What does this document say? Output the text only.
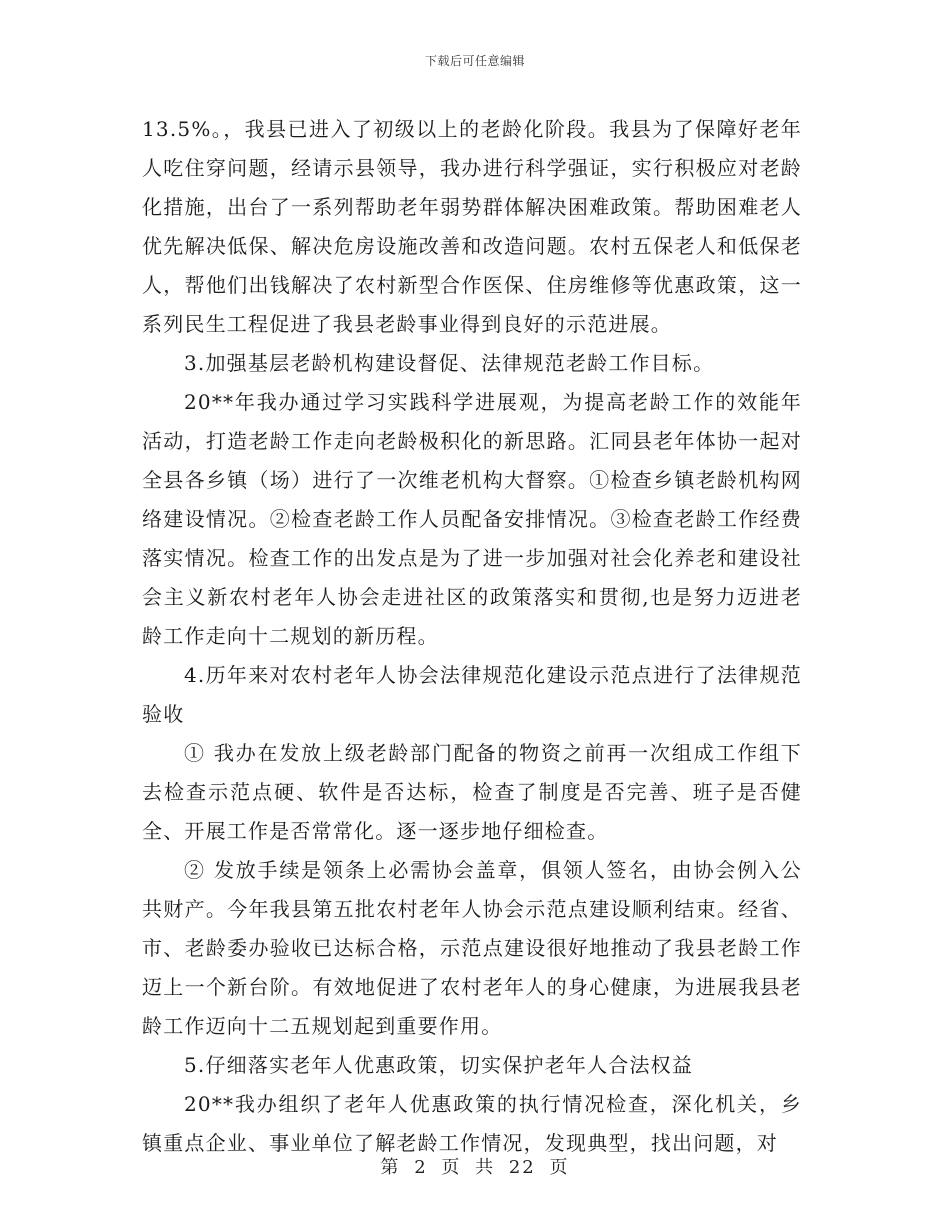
下载后可任意编辑

13.5%。，我县已进入了初级以上的老龄化阶段。我县为了保障好老年人吃住穿问题，经请示县领导，我办进行科学强证，实行积极应对老龄化措施，出台了一系列帮助老年弱势群体解决困难政策。帮助困难老人优先解决低保、解决危房设施改善和改造问题。农村五保老人和低保老人，帮他们出钱解决了农村新型合作医保、住房维修等优惠政策，这一系列民生工程促进了我县老龄事业得到良好的示范进展。

3.加强基层老龄机构建设督促、法律规范老龄工作目标。

20**年我办通过学习实践科学进展观，为提高老龄工作的效能年活动，打造老龄工作走向老龄极积化的新思路。汇同县老年体协一起对全县各乡镇（场）进行了一次维老机构大督察。①检查乡镇老龄机构网络建设情况。②检查老龄工作人员配备安排情况。③检查老龄工作经费落实情况。检查工作的出发点是为了进一步加强对社会化养老和建设社会主义新农村老年人协会走进社区的政策落实和贯彻,也是努力迈进老龄工作走向十二规划的新历程。

4.历年来对农村老年人协会法律规范化建设示范点进行了法律规范验收

① 我办在发放上级老龄部门配备的物资之前再一次组成工作组下去检查示范点硬、软件是否达标，检查了制度是否完善、班子是否健全、开展工作是否常常化。逐一逐步地仔细检查。

② 发放手续是领条上必需协会盖章，俱领人签名，由协会例入公共财产。今年我县第五批农村老年人协会示范点建设顺利结束。经省、市、老龄委办验收已达标合格，示范点建设很好地推动了我县老龄工作迈上一个新台阶。有效地促进了农村老年人的身心健康，为进展我县老龄工作迈向十二五规划起到重要作用。

5.仔细落实老年人优惠政策，切实保护老年人合法权益

20**我办组织了老年人优惠政策的执行情况检查，深化机关，乡镇重点企业、事业单位了解老龄工作情况，发现典型，找出问题，对

第 2 页 共 22 页
